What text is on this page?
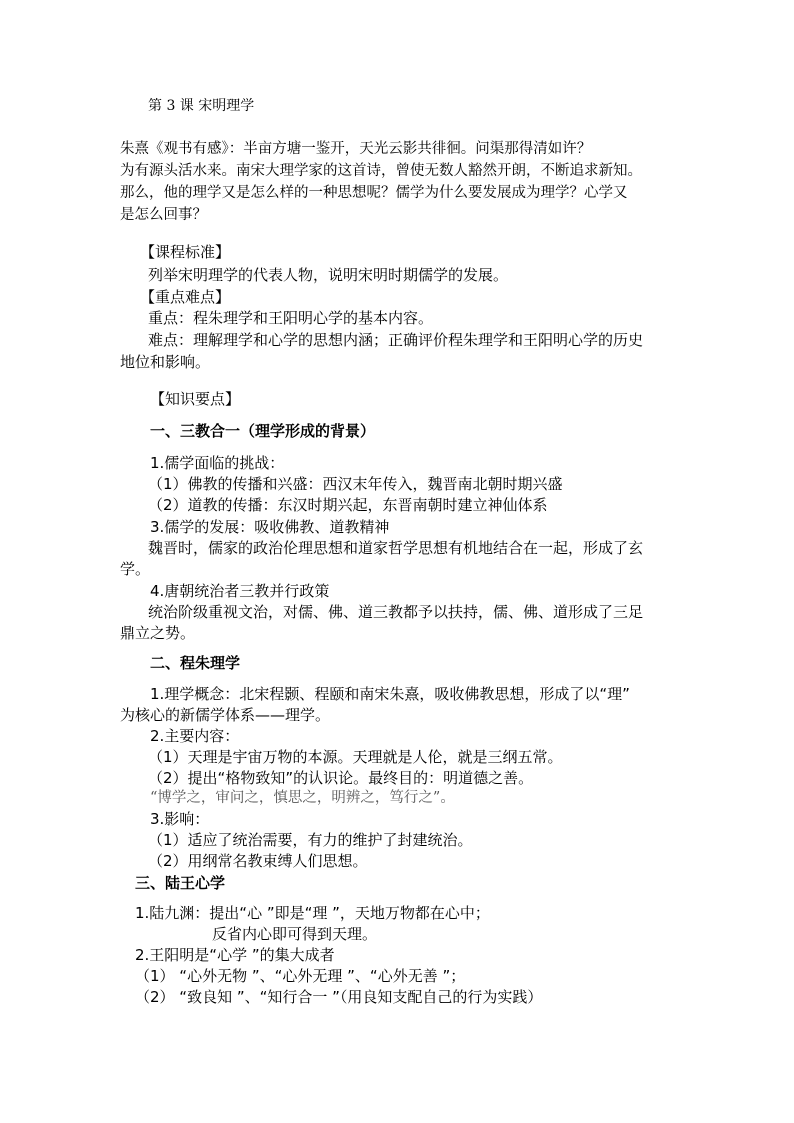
第 3 课 宋明理学
朱熹《观书有感》：半亩方塘一鉴开，天光云影共徘徊。问渠那得清如许？
为有源头活水来。南宋大理学家的这首诗，曾使无数人豁然开朗，不断追求新知。
那么，他的理学又是怎么样的一种思想呢？儒学为什么要发展成为理学？心学又
是怎么回事？
【课程标准】
列举宋明理学的代表人物，说明宋明时期儒学的发展。
【重点难点】
重点：程朱理学和王阳明心学的基本内容。
难点：理解理学和心学的思想内涵；正确评价程朱理学和王阳明心学的历史
地位和影响。
【知识要点】
一、三教合一（理学形成的背景）
1.儒学面临的挑战：
（1）佛教的传播和兴盛：西汉末年传入，魏晋南北朝时期兴盛
（2）道教的传播：东汉时期兴起，东晋南朝时建立神仙体系
3.儒学的发展：吸收佛教、道教精神
魏晋时，儒家的政治伦理思想和道家哲学思想有机地结合在一起，形成了玄
学。
4.唐朝统治者三教并行政策
统治阶级重视文治，对儒、佛、道三教都予以扶持，儒、佛、道形成了三足
鼎立之势。
二、程朱理学
1.理学概念：北宋程颢、程颐和南宋朱熹，吸收佛教思想，形成了以“理”
为核心的新儒学体系——理学。
2.主要内容：
（1）天理是宇宙万物的本源。天理就是人伦，就是三纲五常。
（2）提出“格物致知”的认识论。最终目的：明道德之善。
“博学之，审问之，慎思之，明辨之，笃行之”。
3.影响：
（1）适应了统治需要，有力的维护了封建统治。
（2）用纲常名教束缚人们思想。
三、陆王心学
1.陆九渊：提出“心 ”即是“理 ”，天地万物都在心中；
反省内心即可得到天理。
2.王阳明是“心学 ”的集大成者
（1） “心外无物 ”、“心外无理 ”、“心外无善 ”；
（2） “致良知 ”、“知行合一 ”（用良知支配自己的行为实践）
